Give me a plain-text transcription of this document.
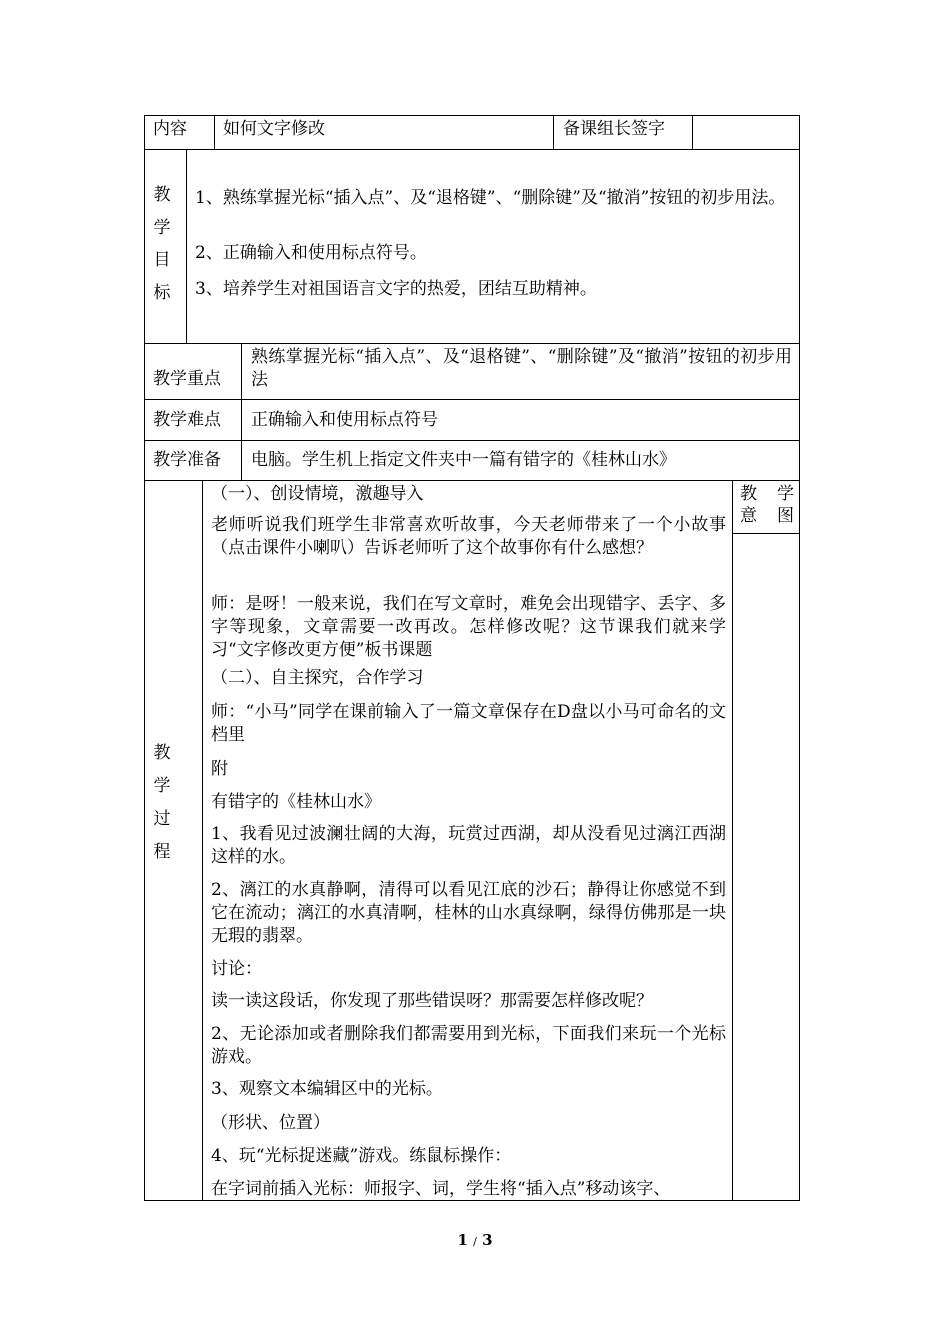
内容 如何文字修改	备课组长签字
教
学
目
标
1、熟练掌握光标“插入点”、及“退格键”、“删除键”及“撤消”按钮的初步用法。
2、正确输入和使用标点符号。
3、培养学生对祖国语言文字的热爱，团结互助精神。
教学重点
熟练掌握光标“插入点”、及“退格键”、“删除键”及“撤消”按钮的初步用法
教学难点 正确输入和使用标点符号
教学准备 电脑。学生机上指定文件夹中一篇有错字的《桂林山水》
教
学
过
程
教 学 意 图
（一）、创设情境，激趣导入
老师听说我们班学生非常喜欢听故事，今天老师带来了一个小故事（点击课件小喇叭）告诉老师听了这个故事你有什么感想？
师：是呀！一般来说，我们在写文章时，难免会出现错字、丢字、多字等现象，文章需要一改再改。怎样修改呢？这节课我们就来学习“文字修改更方便”板书课题
（二）、自主探究，合作学习
师：“小马”同学在课前输入了一篇文章保存在D盘以小马可命名的文档里
附
有错字的《桂林山水》
1、我看见过波澜壮阔的大海，玩赏过西湖，却从没看见过漓江西湖这样的水。
2、漓江的水真静啊，清得可以看见江底的沙石；静得让你感觉不到它在流动；漓江的水真清啊，桂林的山水真绿啊，绿得仿佛那是一块无瑕的翡翠。
讨论：
读一读这段话，你发现了那些错误呀？那需要怎样修改呢？
2、无论添加或者删除我们都需要用到光标，下面我们来玩一个光标游戏。
3、观察文本编辑区中的光标。
（形状、位置）
4、玩“光标捉迷藏”游戏。练鼠标操作：
在字词前插入光标：师报字、词，学生将“插入点”移动该字、
1 / 3
